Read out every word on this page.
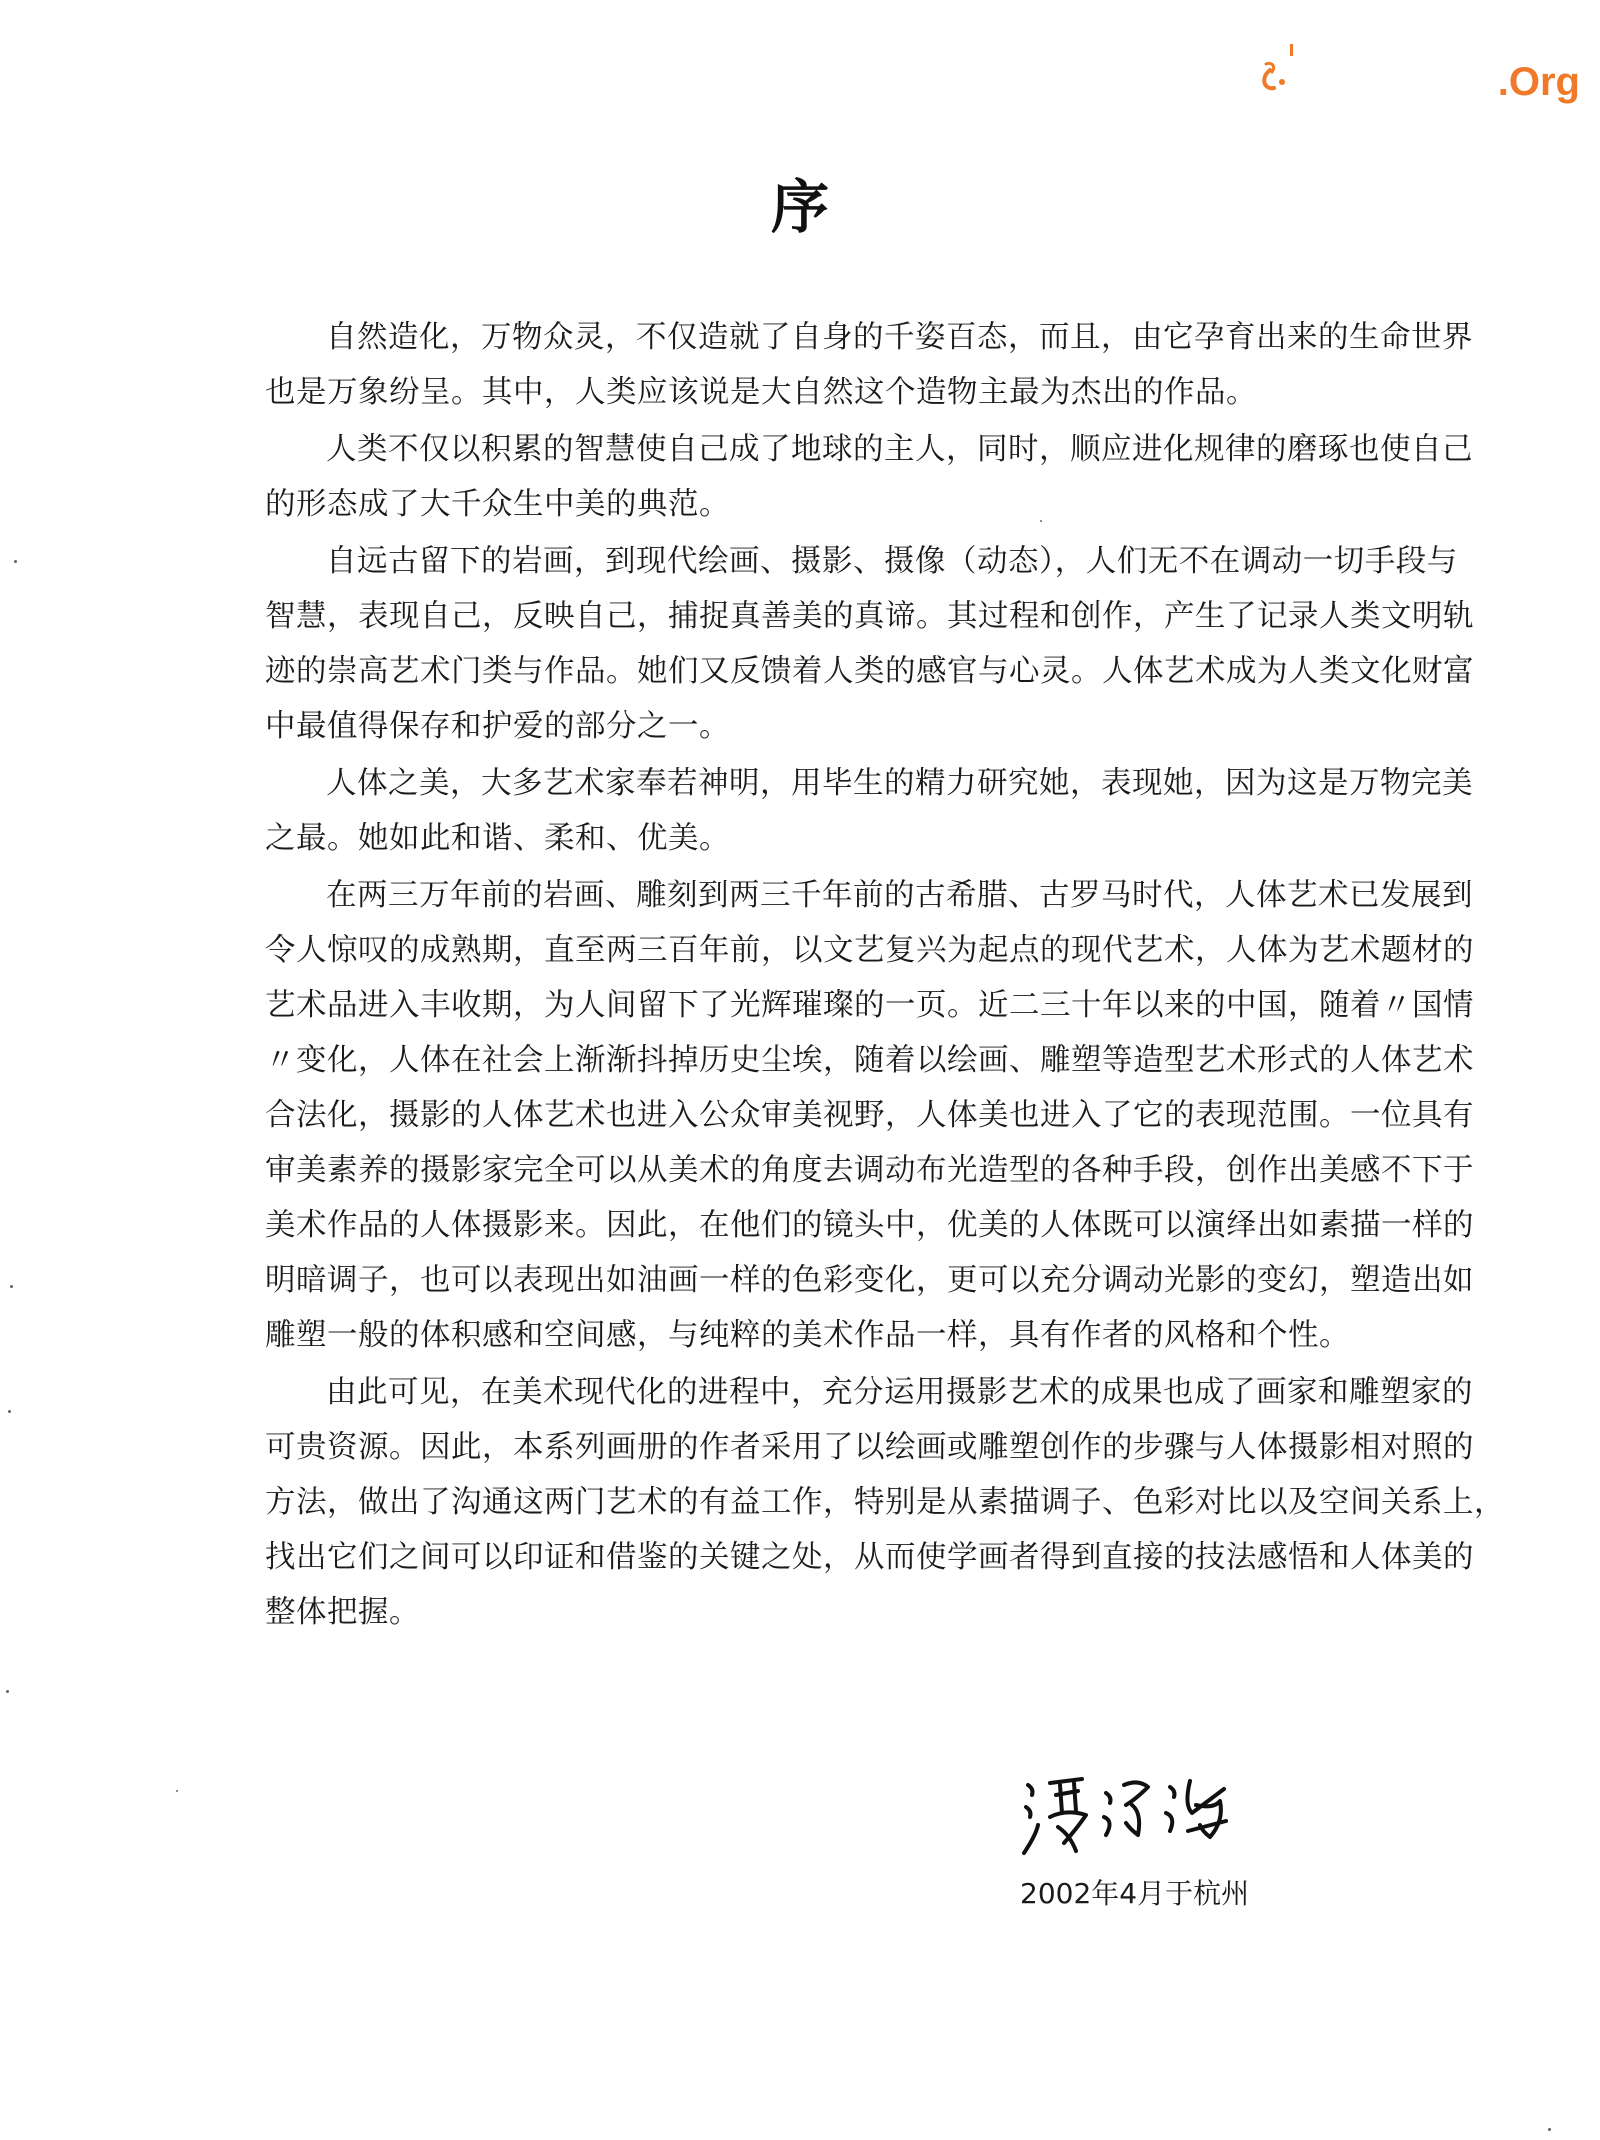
.Org
序

自然造化，万物众灵，不仅造就了自身的千姿百态，而且，由它孕育出来的生命世界
也是万象纷呈。其中，人类应该说是大自然这个造物主最为杰出的作品。

人类不仅以积累的智慧使自己成了地球的主人，同时，顺应进化规律的磨琢也使自己
的形态成了大千众生中美的典范。

自远古留下的岩画，到现代绘画、摄影、摄像（动态），人们无不在调动一切手段与
智慧，表现自己，反映自己，捕捉真善美的真谛。其过程和创作，产生了记录人类文明轨
迹的崇高艺术门类与作品。她们又反馈着人类的感官与心灵。人体艺术成为人类文化财富
中最值得保存和护爱的部分之一。

人体之美，大多艺术家奉若神明，用毕生的精力研究她，表现她，因为这是万物完美
之最。她如此和谐、柔和、优美。

在两三万年前的岩画、雕刻到两三千年前的古希腊、古罗马时代，人体艺术已发展到
令人惊叹的成熟期，直至两三百年前，以文艺复兴为起点的现代艺术，人体为艺术题材的
艺术品进入丰收期，为人间留下了光辉璀璨的一页。近二三十年以来的中国，随着〃国情
〃变化，人体在社会上渐渐抖掉历史尘埃，随着以绘画、雕塑等造型艺术形式的人体艺术
合法化，摄影的人体艺术也进入公众审美视野，人体美也进入了它的表现范围。一位具有
审美素养的摄影家完全可以从美术的角度去调动布光造型的各种手段，创作出美感不下于
美术作品的人体摄影来。因此，在他们的镜头中，优美的人体既可以演绎出如素描一样的
明暗调子，也可以表现出如油画一样的色彩变化，更可以充分调动光影的变幻，塑造出如
雕塑一般的体积感和空间感，与纯粹的美术作品一样，具有作者的风格和个性。

由此可见，在美术现代化的进程中，充分运用摄影艺术的成果也成了画家和雕塑家的
可贵资源。因此，本系列画册的作者采用了以绘画或雕塑创作的步骤与人体摄影相对照的
方法，做出了沟通这两门艺术的有益工作，特别是从素描调子、色彩对比以及空间关系上，
找出它们之间可以印证和借鉴的关键之处，从而使学画者得到直接的技法感悟和人体美的
整体把握。

2002年4月于杭州
